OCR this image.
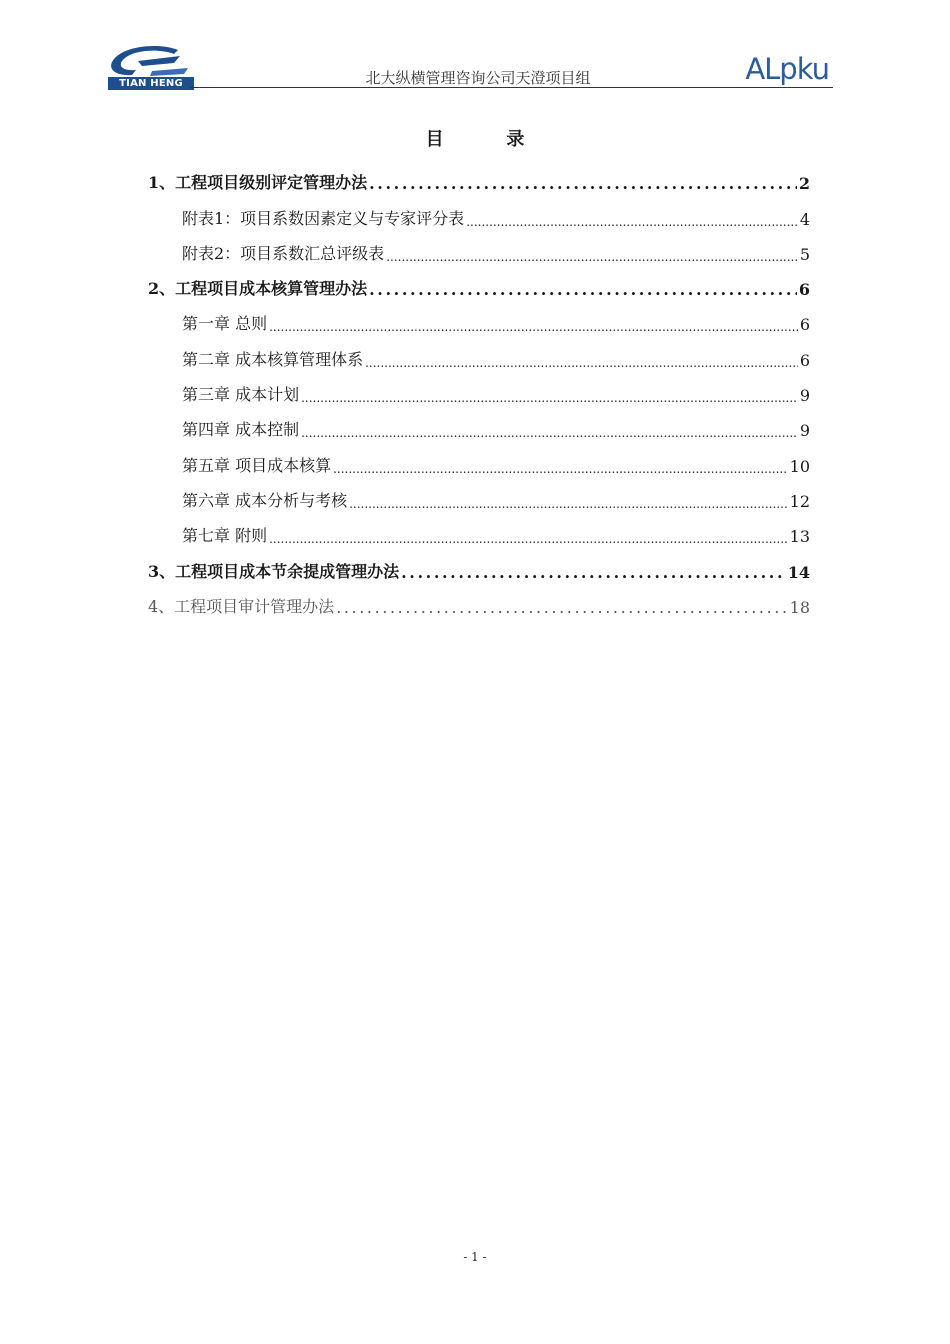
TIAN HENG	北大纵横管理咨询公司天澄项目组	ALpku
目          录
1、工程项目级别评定管理办法 .....	2
附表1：项目系数因素定义与专家评分表 .....	4
附表2：项目系数汇总评级表 .....	5
2、工程项目成本核算管理办法 .....	6
第一章 总则 .....	6
第二章 成本核算管理体系 .....	6
第三章 成本计划 .....	9
第四章 成本控制 .....	9
第五章 项目成本核算 .....	10
第六章 成本分析与考核 .....	12
第七章 附则 .....	13
3、工程项目成本节余提成管理办法 .....	14
4、工程项目审计管理办法 .....	18
- 1 -
